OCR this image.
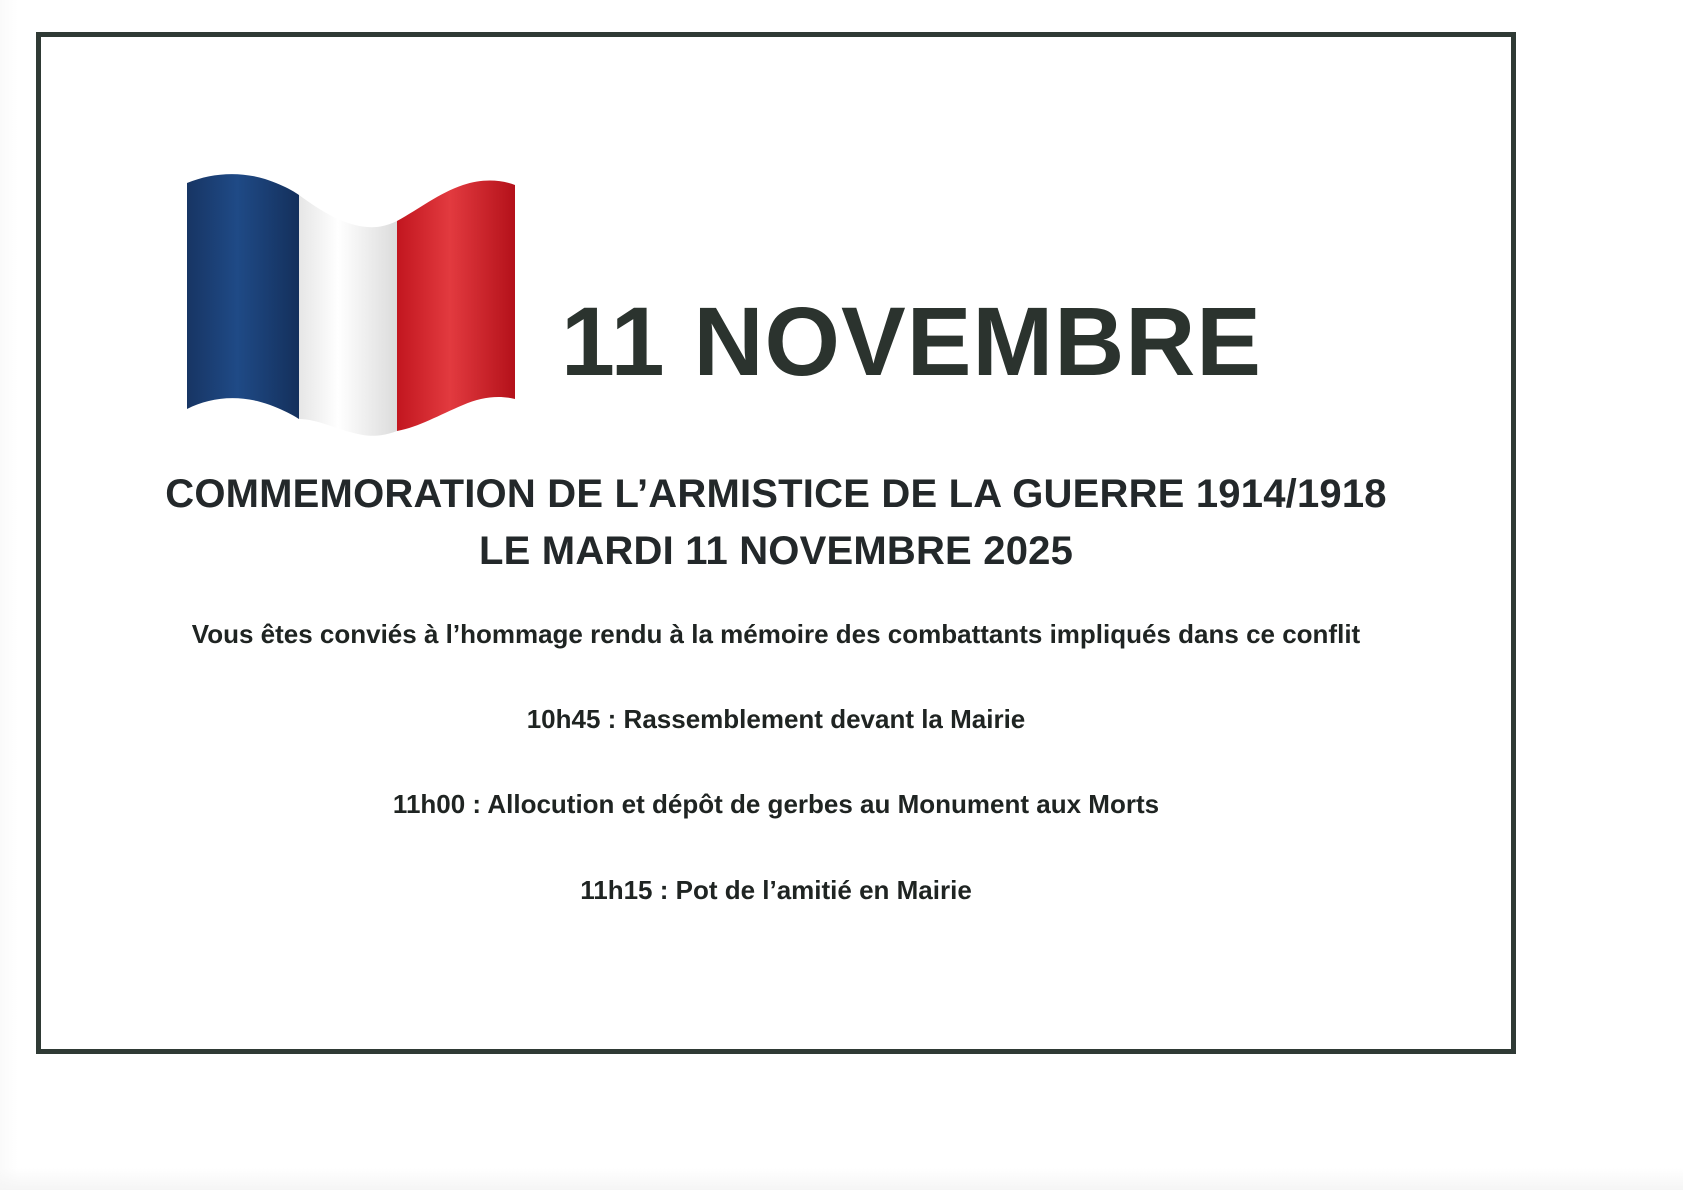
11 NOVEMBRE
COMMEMORATION DE L’ARMISTICE DE LA GUERRE 1914/1918
LE MARDI 11 NOVEMBRE 2025
Vous êtes conviés à l’hommage rendu à la mémoire des combattants impliqués dans ce conflit
10h45 : Rassemblement devant la Mairie
11h00 : Allocution et dépôt de gerbes au Monument aux Morts
11h15 : Pot de l’amitié en Mairie
